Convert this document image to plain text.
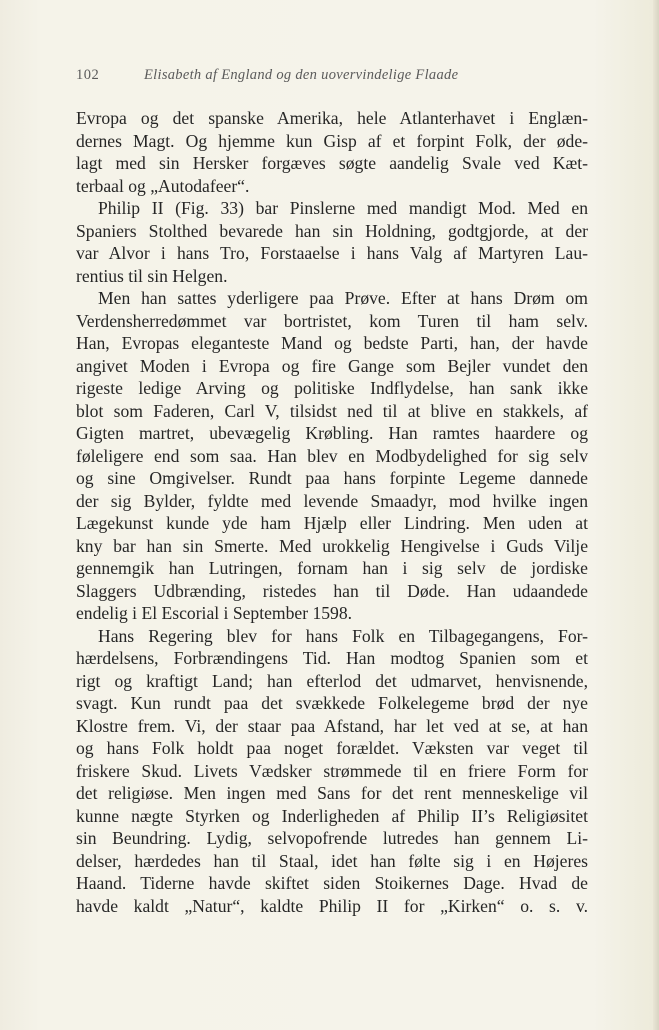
102	Elisabeth af England og den uovervindelige Flaade
Evropa og det spanske Amerika, hele Atlanterhavet i Englæn-
dernes Magt. Og hjemme kun Gisp af et forpint Folk, der øde-
lagt med sin Hersker forgæves søgte aandelig Svale ved Kæt-
terbaal og „Autodafeer“.
Philip II (Fig. 33) bar Pinslerne med mandigt Mod. Med en
Spaniers Stolthed bevarede han sin Holdning, godtgjorde, at der
var Alvor i hans Tro, Forstaaelse i hans Valg af Martyren Lau-
rentius til sin Helgen.
Men han sattes yderligere paa Prøve. Efter at hans Drøm om
Verdensherredømmet var bortristet, kom Turen til ham selv.
Han, Evropas eleganteste Mand og bedste Parti, han, der havde
angivet Moden i Evropa og fire Gange som Bejler vundet den
rigeste ledige Arving og politiske Indflydelse, han sank ikke
blot som Faderen, Carl V, tilsidst ned til at blive en stakkels, af
Gigten martret, ubevægelig Krøbling. Han ramtes haardere og
føleligere end som saa. Han blev en Modbydelighed for sig selv
og sine Omgivelser. Rundt paa hans forpinte Legeme dannede
der sig Bylder, fyldte med levende Smaadyr, mod hvilke ingen
Lægekunst kunde yde ham Hjælp eller Lindring. Men uden at
kny bar han sin Smerte. Med urokkelig Hengivelse i Guds Vilje
gennemgik han Lutringen, fornam han i sig selv de jordiske
Slaggers Udbrænding, ristedes han til Døde. Han udaandede
endelig i El Escorial i September 1598.
Hans Regering blev for hans Folk en Tilbagegangens, For-
hærdelsens, Forbrændingens Tid. Han modtog Spanien som et
rigt og kraftigt Land; han efterlod det udmarvet, henvisnende,
svagt. Kun rundt paa det svækkede Folkelegeme brød der nye
Klostre frem. Vi, der staar paa Afstand, har let ved at se, at han
og hans Folk holdt paa noget forældet. Væksten var veget til
friskere Skud. Livets Vædsker strømmede til en friere Form for
det religiøse. Men ingen med Sans for det rent menneskelige vil
kunne nægte Styrken og Inderligheden af Philip II’s Religiøsitet
sin Beundring. Lydig, selvopofrende lutredes han gennem Li-
delser, hærdedes han til Staal, idet han følte sig i en Højeres
Haand. Tiderne havde skiftet siden Stoikernes Dage. Hvad de
havde kaldt „Natur“, kaldte Philip II for „Kirken“ o. s. v.
